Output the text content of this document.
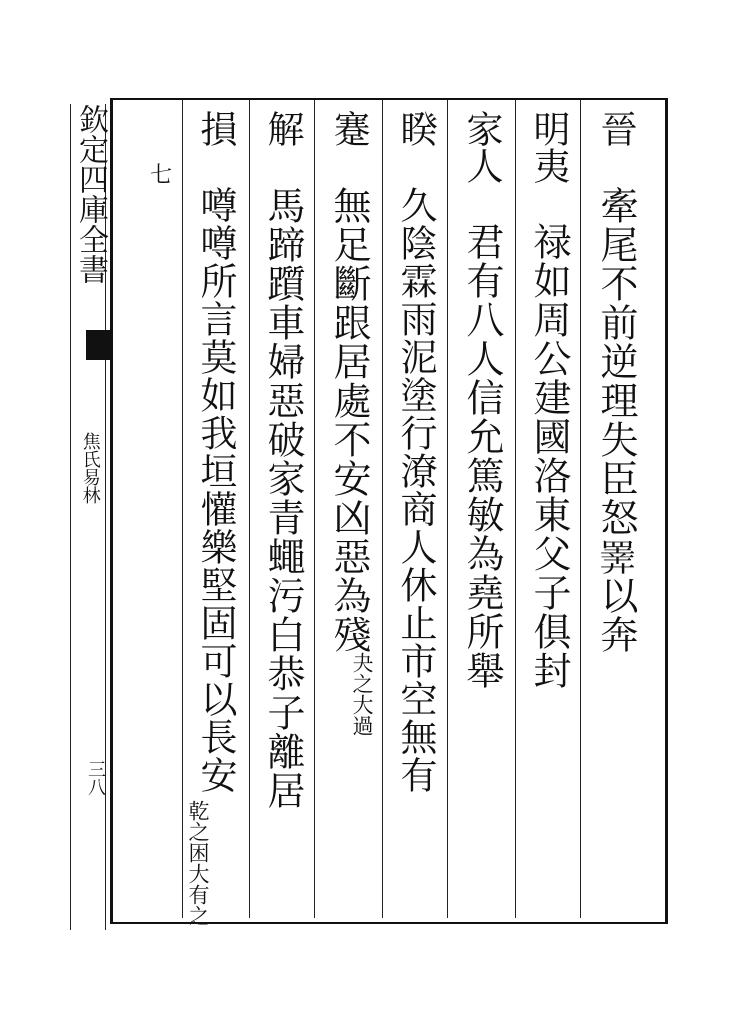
欽定四庫全書
焦氏易林
三八
七
晉
牽尾不前逆理失臣怒𢍰以奔
明夷
禄如周公建國洛東父子俱封
家人
君有八人信允篤敏為堯所舉
睽
久陰霖雨泥塗行潦商人休止市空無有
蹇
無足斷跟居處不安凶惡為殘
夬之大過
解
馬蹄躓車婦惡破家青蠅污白恭子離居
損
噂噂所言莫如我垣懽樂堅固可以長安
乾之困大有之
